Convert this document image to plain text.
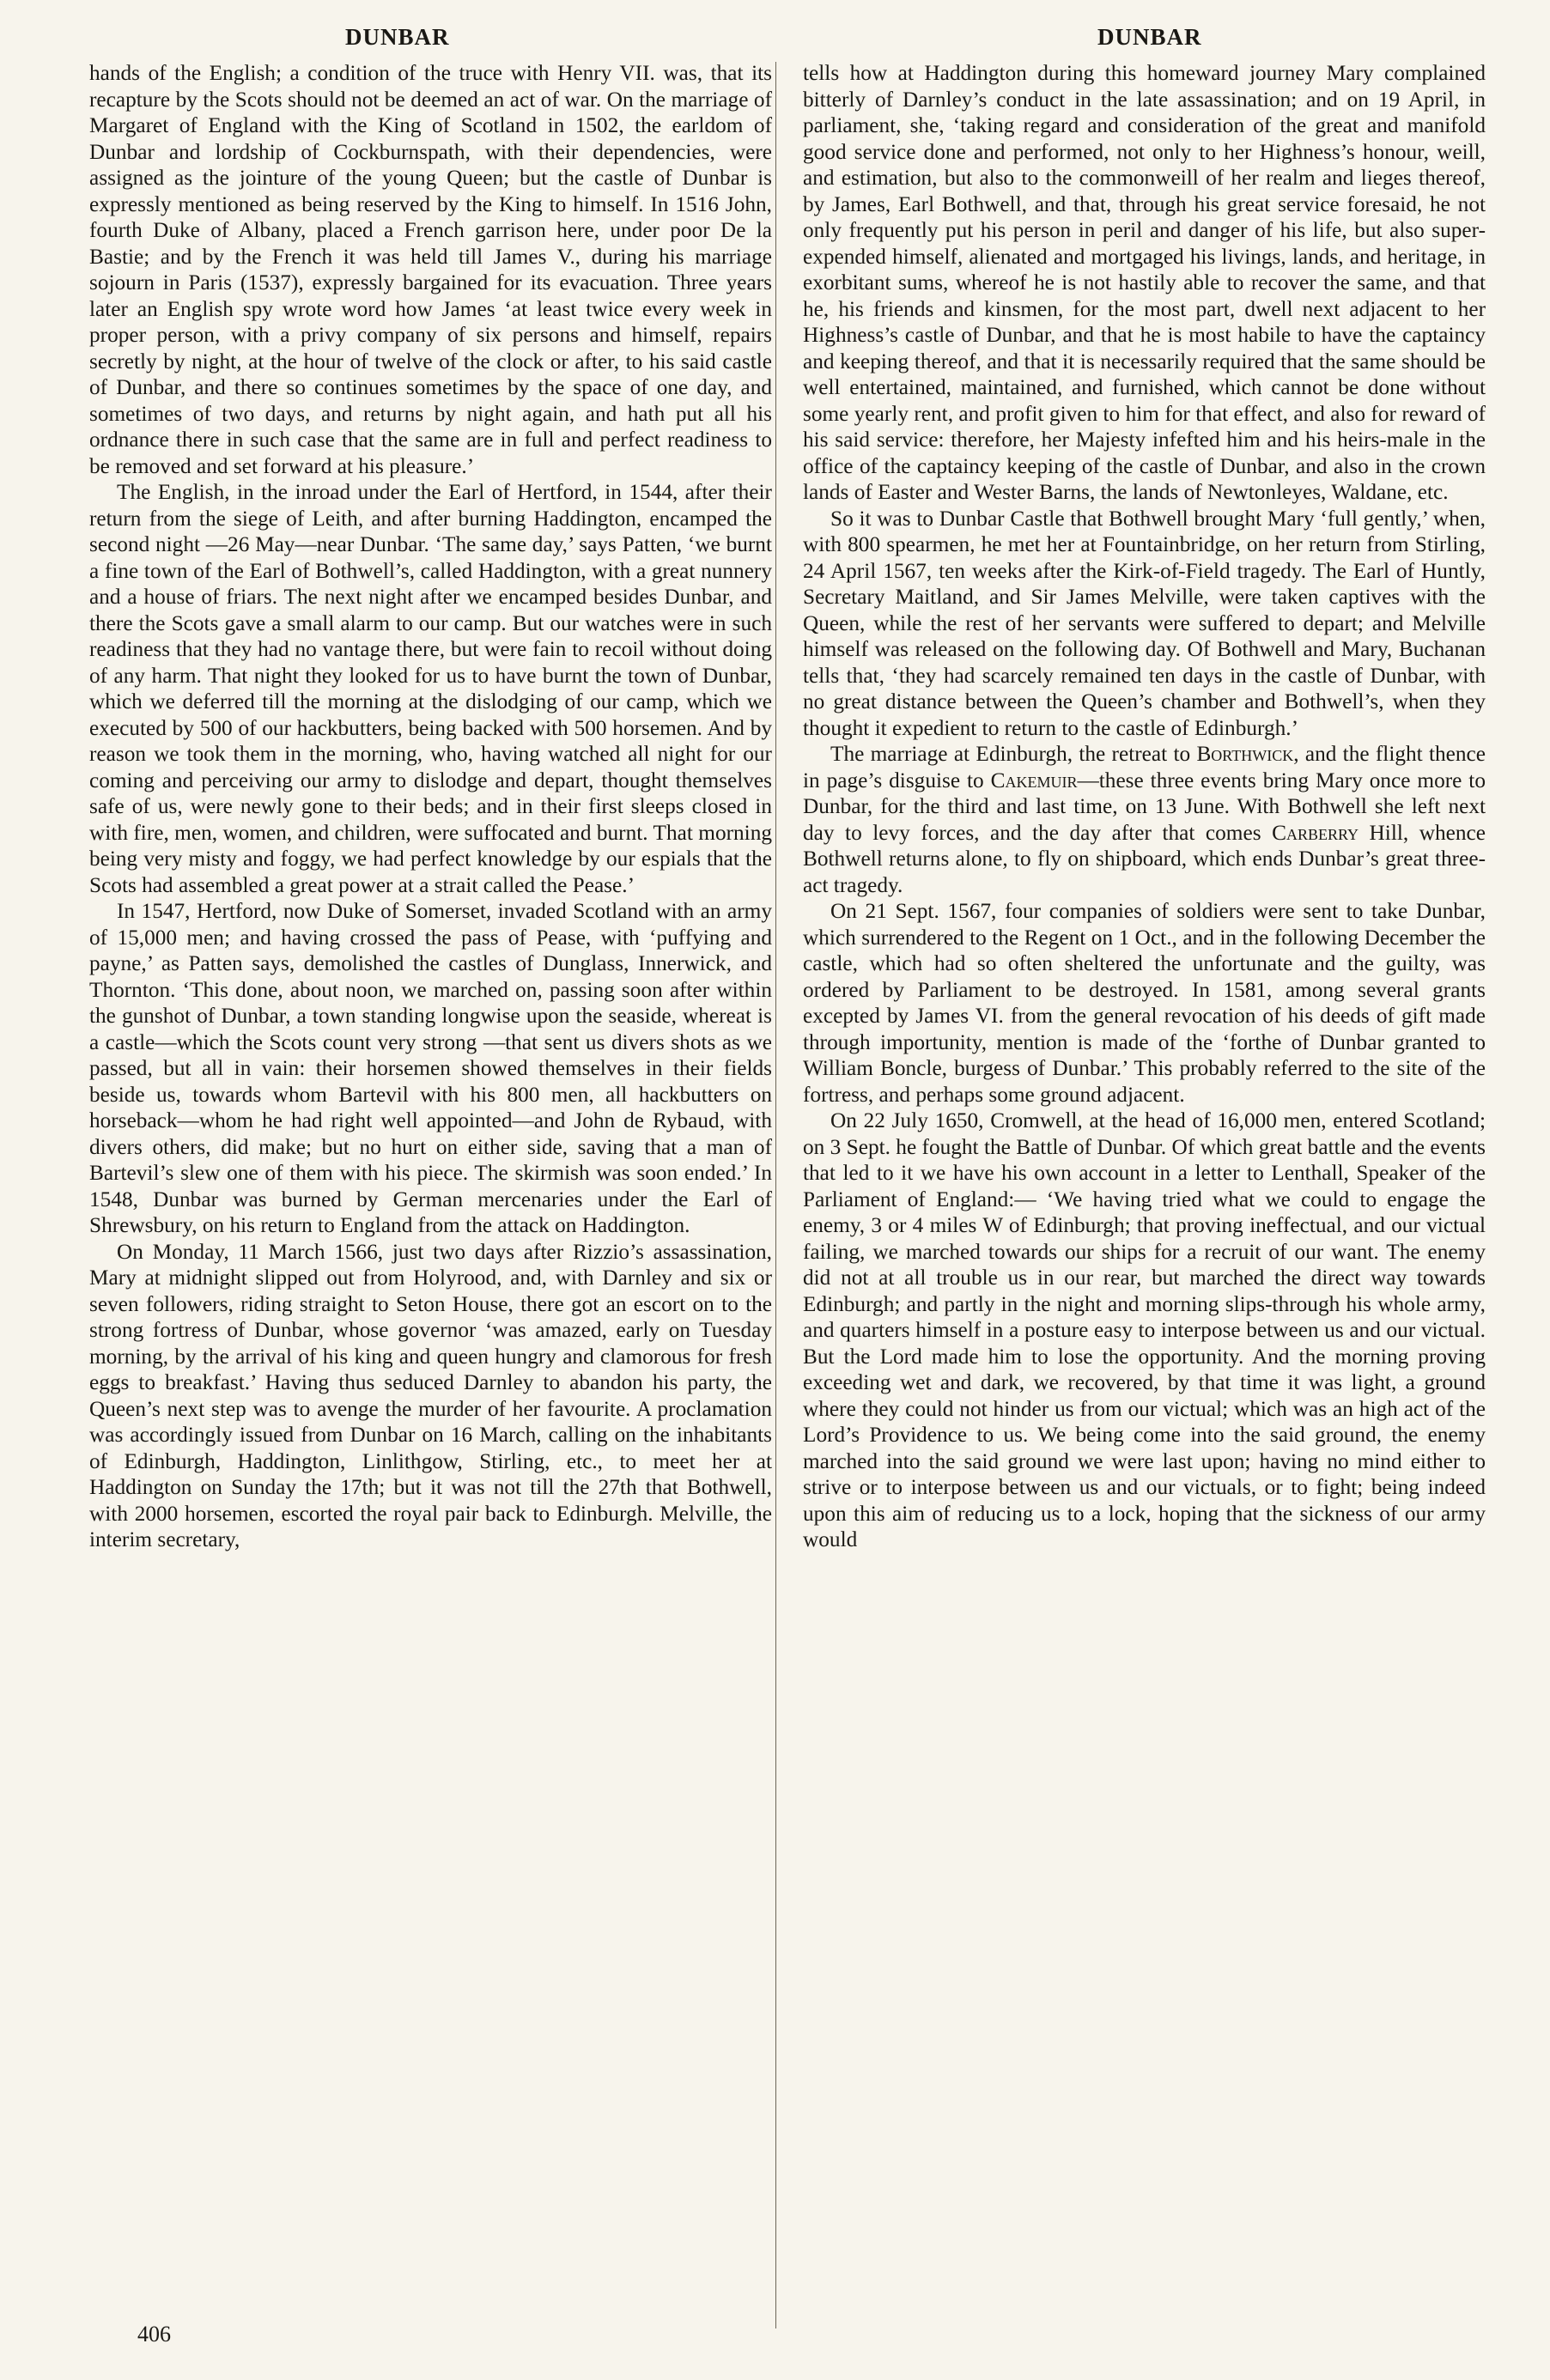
DUNBAR	DUNBAR

hands of the English; a condition of the truce with Henry VII. was, that its recapture by the Scots should not be deemed an act of war. On the marriage of Margaret of England with the King of Scotland in 1502, the earldom of Dunbar and lordship of Cockburnspath, with their dependencies, were assigned as the jointure of the young Queen; but the castle of Dunbar is expressly mentioned as being reserved by the King to himself. In 1516 John, fourth Duke of Albany, placed a French garrison here, under poor De la Bastie; and by the French it was held till James V., during his marriage sojourn in Paris (1537), expressly bargained for its evacuation. Three years later an English spy wrote word how James ‘at least twice every week in proper person, with a privy company of six persons and himself, repairs secretly by night, at the hour of twelve of the clock or after, to his said castle of Dunbar, and there so continues sometimes by the space of one day, and sometimes of two days, and returns by night again, and hath put all his ordnance there in such case that the same are in full and perfect readiness to be removed and set forward at his pleasure.’

The English, in the inroad under the Earl of Hertford, in 1544, after their return from the siege of Leith, and after burning Haddington, encamped the second night —26 May—near Dunbar. ‘The same day,’ says Patten, ‘we burnt a fine town of the Earl of Bothwell’s, called Haddington, with a great nunnery and a house of friars. The next night after we encamped besides Dunbar, and there the Scots gave a small alarm to our camp. But our watches were in such readiness that they had no vantage there, but were fain to recoil without doing of any harm. That night they looked for us to have burnt the town of Dunbar, which we deferred till the morning at the dislodging of our camp, which we executed by 500 of our hackbutters, being backed with 500 horsemen. And by reason we took them in the morning, who, having watched all night for our coming and perceiving our army to dislodge and depart, thought themselves safe of us, were newly gone to their beds; and in their first sleeps closed in with fire, men, women, and children, were suffocated and burnt. That morning being very misty and foggy, we had perfect knowledge by our espials that the Scots had assembled a great power at a strait called the Pease.’

In 1547, Hertford, now Duke of Somerset, invaded Scotland with an army of 15,000 men; and having crossed the pass of Pease, with ‘puffying and payne,’ as Patten says, demolished the castles of Dunglass, Innerwick, and Thornton. ‘This done, about noon, we marched on, passing soon after within the gunshot of Dunbar, a town standing longwise upon the seaside, whereat is a castle—which the Scots count very strong —that sent us divers shots as we passed, but all in vain: their horsemen showed themselves in their fields beside us, towards whom Bartevil with his 800 men, all hackbutters on horseback—whom he had right well appointed—and John de Rybaud, with divers others, did make; but no hurt on either side, saving that a man of Bartevil’s slew one of them with his piece. The skirmish was soon ended.’ In 1548, Dunbar was burned by German mercenaries under the Earl of Shrewsbury, on his return to England from the attack on Haddington.

On Monday, 11 March 1566, just two days after Rizzio’s assassination, Mary at midnight slipped out from Holyrood, and, with Darnley and six or seven followers, riding straight to Seton House, there got an escort on to the strong fortress of Dunbar, whose governor ‘was amazed, early on Tuesday morning, by the arrival of his king and queen hungry and clamorous for fresh eggs to breakfast.’ Having thus seduced Darnley to abandon his party, the Queen’s next step was to avenge the murder of her favourite. A proclamation was accordingly issued from Dunbar on 16 March, calling on the inhabitants of Edinburgh, Haddington, Linlithgow, Stirling, etc., to meet her at Haddington on Sunday the 17th; but it was not till the 27th that Bothwell, with 2000 horsemen, escorted the royal pair back to Edinburgh. Melville, the interim secretary,

tells how at Haddington during this homeward journey Mary complained bitterly of Darnley’s conduct in the late assassination; and on 19 April, in parliament, she, ‘taking regard and consideration of the great and manifold good service done and performed, not only to her Highness’s honour, weill, and estimation, but also to the commonweill of her realm and lieges thereof, by James, Earl Bothwell, and that, through his great service foresaid, he not only frequently put his person in peril and danger of his life, but also super-expended himself, alienated and mortgaged his livings, lands, and heritage, in exorbitant sums, whereof he is not hastily able to recover the same, and that he, his friends and kinsmen, for the most part, dwell next adjacent to her Highness’s castle of Dunbar, and that he is most habile to have the captaincy and keeping thereof, and that it is necessarily required that the same should be well entertained, maintained, and furnished, which cannot be done without some yearly rent, and profit given to him for that effect, and also for reward of his said service: therefore, her Majesty infefted him and his heirs-male in the office of the captaincy keeping of the castle of Dunbar, and also in the crown lands of Easter and Wester Barns, the lands of Newtonleyes, Waldane, etc.

So it was to Dunbar Castle that Bothwell brought Mary ‘full gently,’ when, with 800 spearmen, he met her at Fountainbridge, on her return from Stirling, 24 April 1567, ten weeks after the Kirk-of-Field tragedy. The Earl of Huntly, Secretary Maitland, and Sir James Melville, were taken captives with the Queen, while the rest of her servants were suffered to depart; and Melville himself was released on the following day. Of Bothwell and Mary, Buchanan tells that, ‘they had scarcely remained ten days in the castle of Dunbar, with no great distance between the Queen’s chamber and Bothwell’s, when they thought it expedient to return to the castle of Edinburgh.’

The marriage at Edinburgh, the retreat to Borthwick, and the flight thence in page’s disguise to Cakemuir—these three events bring Mary once more to Dunbar, for the third and last time, on 13 June. With Bothwell she left next day to levy forces, and the day after that comes Carberry Hill, whence Bothwell returns alone, to fly on shipboard, which ends Dunbar’s great three-act tragedy.

On 21 Sept. 1567, four companies of soldiers were sent to take Dunbar, which surrendered to the Regent on 1 Oct., and in the following December the castle, which had so often sheltered the unfortunate and the guilty, was ordered by Parliament to be destroyed. In 1581, among several grants excepted by James VI. from the general revocation of his deeds of gift made through importunity, mention is made of the ‘forthe of Dunbar granted to William Boncle, burgess of Dunbar.’ This probably referred to the site of the fortress, and perhaps some ground adjacent.

On 22 July 1650, Cromwell, at the head of 16,000 men, entered Scotland; on 3 Sept. he fought the Battle of Dunbar. Of which great battle and the events that led to it we have his own account in a letter to Lenthall, Speaker of the Parliament of England:— ‘We having tried what we could to engage the enemy, 3 or 4 miles W of Edinburgh; that proving ineffectual, and our victual failing, we marched towards our ships for a recruit of our want. The enemy did not at all trouble us in our rear, but marched the direct way towards Edinburgh; and partly in the night and morning slips-through his whole army, and quarters himself in a posture easy to interpose between us and our victual. But the Lord made him to lose the opportunity. And the morning proving exceeding wet and dark, we recovered, by that time it was light, a ground where they could not hinder us from our victual; which was an high act of the Lord’s Providence to us. We being come into the said ground, the enemy marched into the said ground we were last upon; having no mind either to strive or to interpose between us and our victuals, or to fight; being indeed upon this aim of reducing us to a lock, hoping that the sickness of our army would

406
